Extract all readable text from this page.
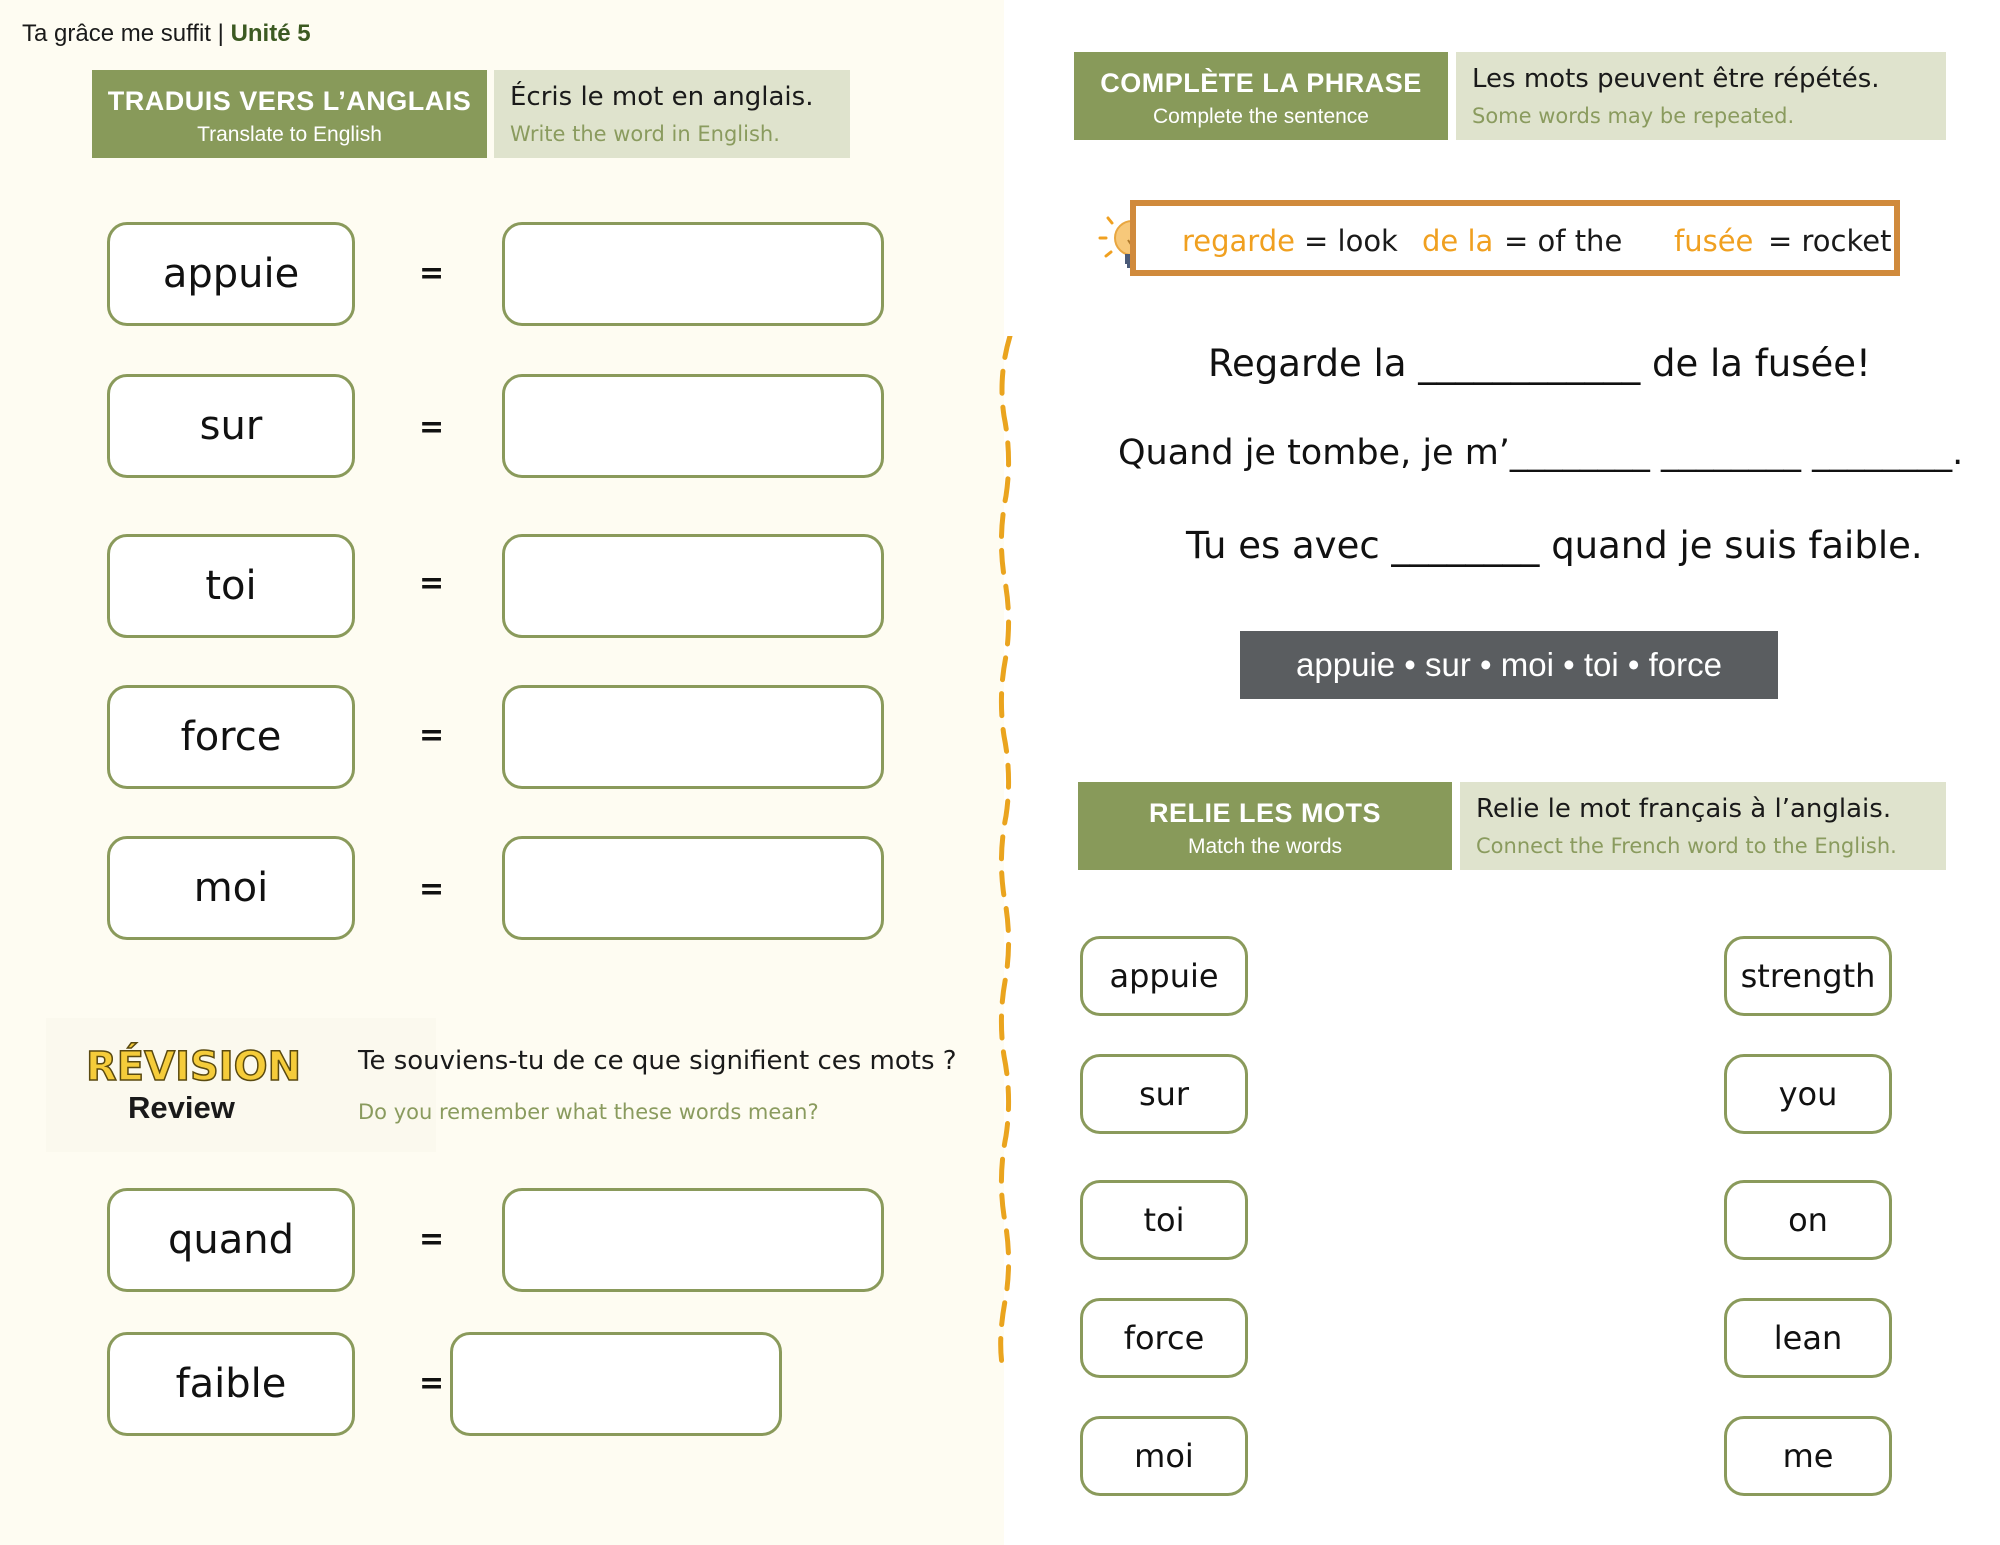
Ta grâce me suffit | Unité 5
TRADUIS VERS L’ANGLAIS
Translate to English
Écris le mot en anglais.
Write the word in English.
appuie	=
sur	=
toi	=
force	=
moi	=
RÉVISION
Review
Te souviens-tu de ce que signifient ces mots ?
Do you remember what these words mean?
quand	=
faible	=
COMPLÈTE LA PHRASE
Complete the sentence
Les mots peuvent être répétés.
Some words may be repeated.
regarde = look de la = of the fusée = rocket
Regarde la ____________ de la fusée!
Quand je tombe, je m’________ ________ ________.
Tu es avec ________ quand je suis faible.
appuie • sur • moi • toi • force
RELIE LES MOTS
Match the words
Relie le mot français à l’anglais.
Connect the French word to the English.
appuie
sur
toi
force
moi
strength
you
on
lean
me
